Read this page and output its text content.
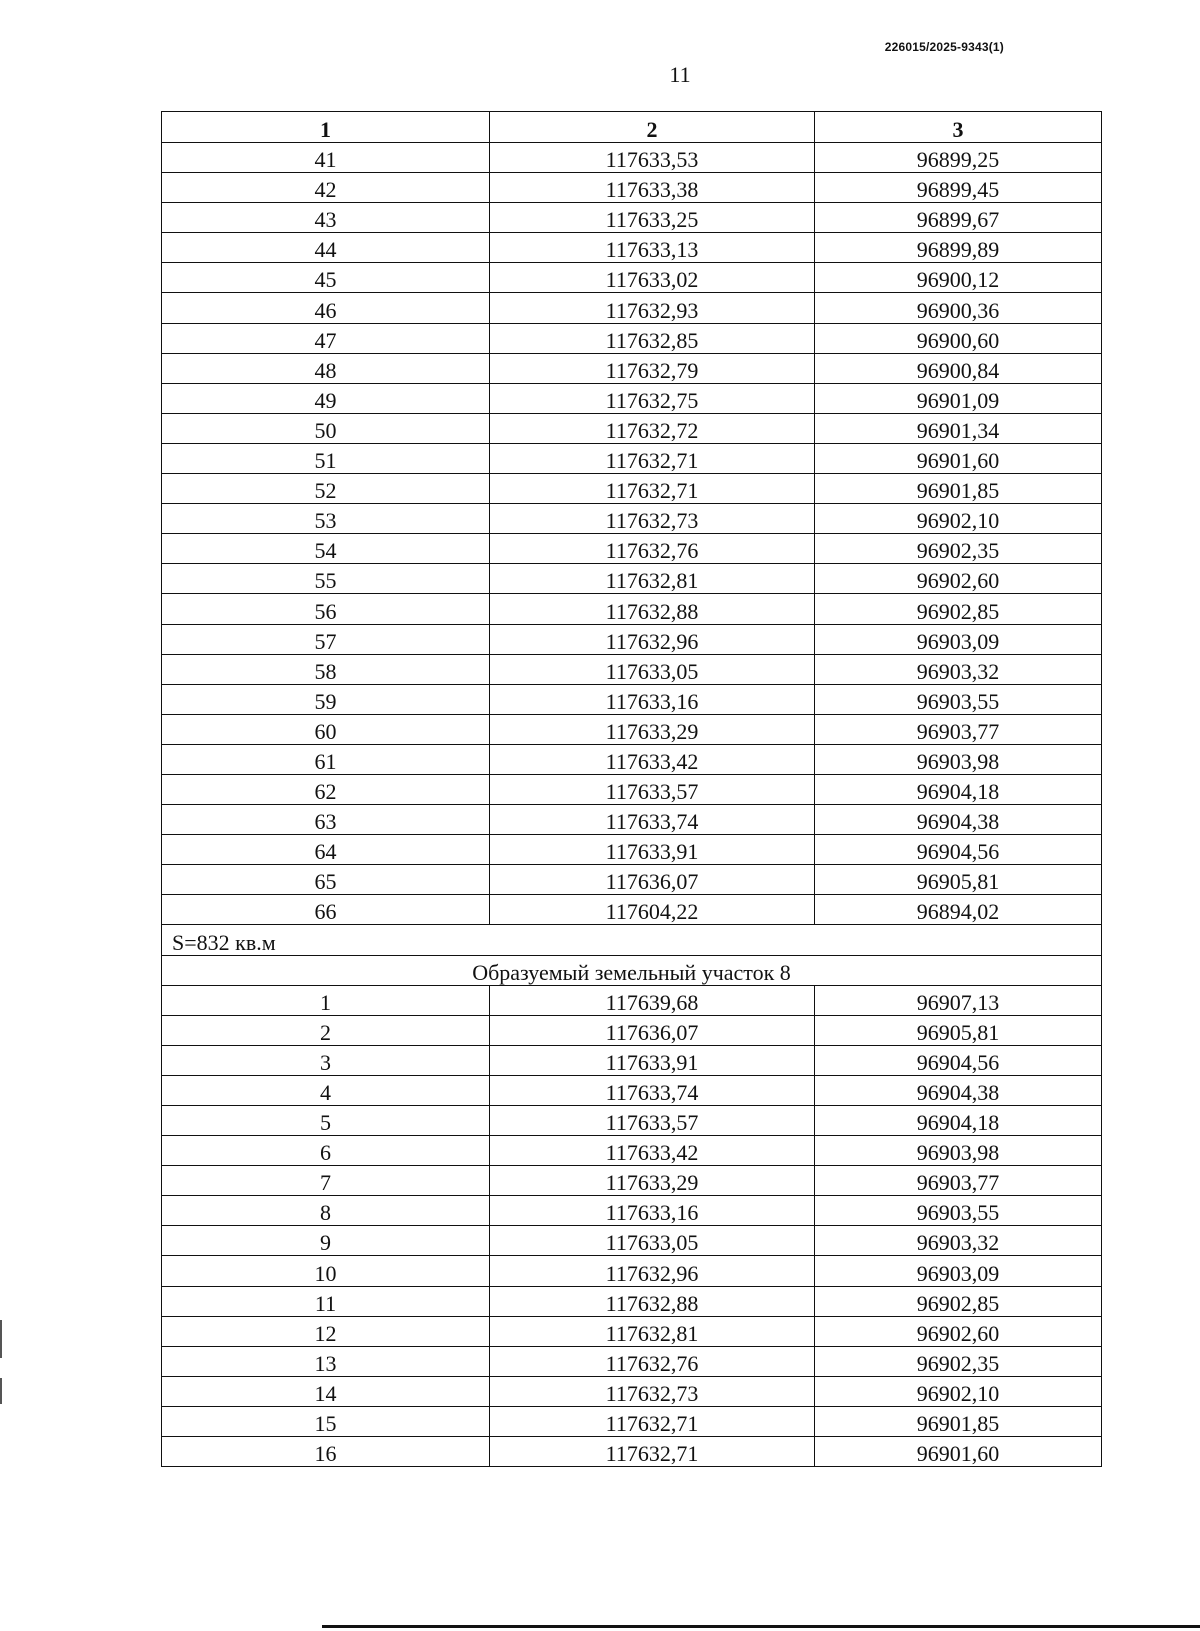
226015/2025-9343(1)
11
1	2	3
41	117633,53	96899,25
42	117633,38	96899,45
43	117633,25	96899,67
44	117633,13	96899,89
45	117633,02	96900,12
46	117632,93	96900,36
47	117632,85	96900,60
48	117632,79	96900,84
49	117632,75	96901,09
50	117632,72	96901,34
51	117632,71	96901,60
52	117632,71	96901,85
53	117632,73	96902,10
54	117632,76	96902,35
55	117632,81	96902,60
56	117632,88	96902,85
57	117632,96	96903,09
58	117633,05	96903,32
59	117633,16	96903,55
60	117633,29	96903,77
61	117633,42	96903,98
62	117633,57	96904,18
63	117633,74	96904,38
64	117633,91	96904,56
65	117636,07	96905,81
66	117604,22	96894,02
S=832 кв.м		
Образуемый земельный участок 8		
1	117639,68	96907,13
2	117636,07	96905,81
3	117633,91	96904,56
4	117633,74	96904,38
5	117633,57	96904,18
6	117633,42	96903,98
7	117633,29	96903,77
8	117633,16	96903,55
9	117633,05	96903,32
10	117632,96	96903,09
11	117632,88	96902,85
12	117632,81	96902,60
13	117632,76	96902,35
14	117632,73	96902,10
15	117632,71	96901,85
16	117632,71	96901,60
